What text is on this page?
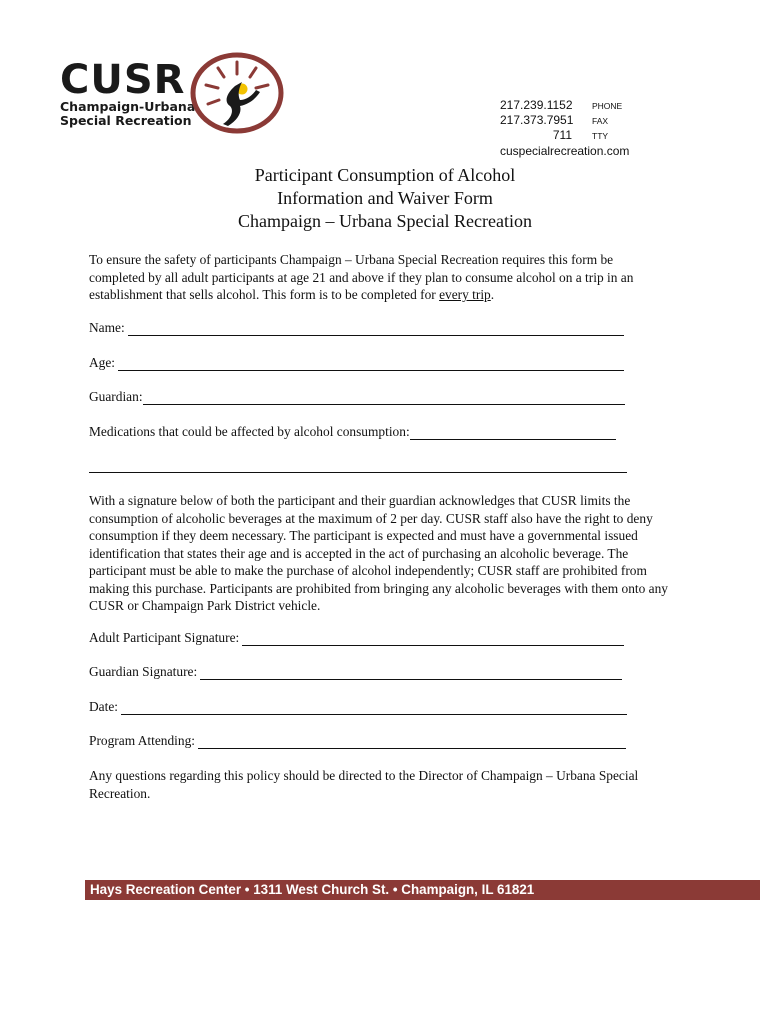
CUSR
Champaign-Urbana
Special Recreation
217.239.1152 PHONE
217.373.7951 FAX
711 TTY
cuspecialrecreation.com
Participant Consumption of Alcohol
Information and Waiver Form
Champaign – Urbana Special Recreation
To ensure the safety of participants Champaign – Urbana Special Recreation requires this form be completed by all adult participants at age 21 and above if they plan to consume alcohol on a trip in an establishment that sells alcohol. This form is to be completed for every trip.
Name:
Age:
Guardian:
Medications that could be affected by alcohol consumption:
With a signature below of both the participant and their guardian acknowledges that CUSR limits the consumption of alcoholic beverages at the maximum of 2 per day. CUSR staff also have the right to deny consumption if they deem necessary. The participant is expected and must have a governmental issued identification that states their age and is accepted in the act of purchasing an alcoholic beverage. The participant must be able to make the purchase of alcohol independently; CUSR staff are prohibited from making this purchase. Participants are prohibited from bringing any alcoholic beverages with them onto any CUSR or Champaign Park District vehicle.
Adult Participant Signature:
Guardian Signature:
Date:
Program Attending:
Any questions regarding this policy should be directed to the Director of Champaign – Urbana Special Recreation.
Hays Recreation Center • 1311 West Church St. • Champaign, IL 61821
